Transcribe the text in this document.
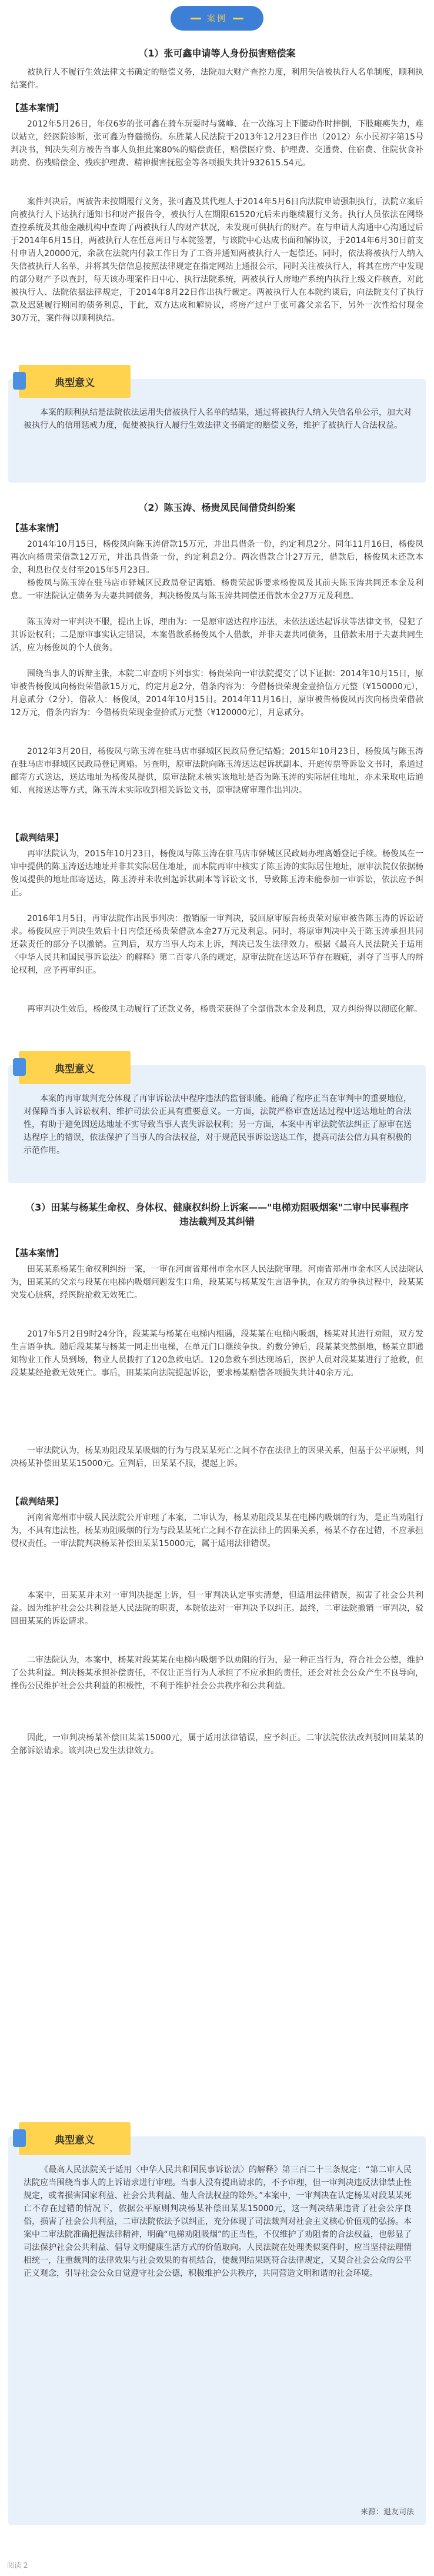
案例
（1）张可鑫申请等人身份损害赔偿案

被执行人不履行生效法律文书确定的赔偿义务，法院加大财产查控力度，利用失信被执行人名单制度，顺利执结案件。

【基本案情】

2012年5月26日，年仅6岁的张可鑫在骑车玩耍时与冀峰、在一次练习上下腰动作时摔倒，下肢瘫痪失力，难以站立，经医院诊断，张可鑫为脊髓损伤。东胜某人民法院于2013年12月23日作出（2012）东小民初字第15号判决书，判决失利方被告当事人负担此案80%的赔偿责任，赔偿医疗费、护理费、交通费、住宿费、住院伙食补助费、伤残赔偿金、残疾护理费、精神损害抚慰金等各项损失共计932615.54元。

案件判决后，两被告未按期履行义务，张可鑫及其代理人于2014年5月6日向法院申请强制执行，法院立案后向被执行人下达执行通知书和财产报告令，被执行人在期限61520元后未再继续履行义务。执行人员依法在网络查控系统及其他金融机构中查询了两被执行人的财产状况，未发现可供执行的财产。在与申请人沟通中心沟通过后于2014年6月15日，两被执行人在任意两日与本院签署，与该院中心达成书面和解协议，于2014年6月30日前支付申请人20000元，余款在法院内付款工作日为了工资并通知两被执行人一起偿还。同时，依法将被执行人纳入失信被执行人名单，并将其失信信息按照法律规定在指定网站上通报公示，同时关注被执行人，将其在房产中发现的部分财产予以查封，每天该办理案件日中心、执行法院系统，两被执行人房地产系统内执行上级文件核查，对此被执行人、法院依据法律规定，于2014年8月22日作出执行裁定。两被执行人在本院约谈后，向法院支付了执行款及迟延履行期间的债务利息，于此，双方达成和解协议，将房产过户于张可鑫父亲名下，另外一次性给付现金30万元，案件得以顺利执结。

典型意义

本案的顺利执结是法院依法运用失信被执行人名单的结果，通过将被执行人纳入失信名单公示，加大对被执行人的信用惩戒力度，促使被执行人履行生效法律文书确定的赔偿义务，维护了被执行人合法权益。

（2）陈玉涛、杨贵凤民间借贷纠纷案
【基本案情】

2014年10月15日，杨俊凤向陈玉涛借款15万元，并出具借条一份，约定利息2分。同年11月16日，杨俊凤再次向杨贵荣借款12万元，并出具借条一份，约定利息2分。两次借款合计27万元，借款后，杨俊凤未还款本金，利息也仅支付至2015年5月23日。

杨俊凤与陈玉涛在驻马店市驿城区民政局登记离婚。杨贵荣起诉要求杨俊凤及其前夫陈玉涛共同还本金及利息。一审法院认定债务为夫妻共同债务，判决杨俊凤与陈玉涛共同偿还借款本金27万元及利息。

陈玉涛对一审判决不服，提出上诉，理由为：一是原审送达程序违法，未依法送达起诉状等法律文书，侵犯了其诉讼权利；二是原审事实认定错误，本案借款系杨俊凤个人借款，并非夫妻共同债务，且借款未用于夫妻共同生活，应为杨俊凤的个人债务。

围绕当事人的诉辩主张，本院二审查明下列事实：杨贵荣向一审法院提交了以下证据：2014年10月15日，原审被告杨俊凤向杨贵荣借款15万元，约定月息2分，借条内容为：今借杨贵荣现金壹拾伍万元整（¥150000元），月息贰分（2分），借款人：杨俊凤，2014年10月15日。2014年11月16日，原审被告杨俊凤再次向杨贵荣借款12万元，借条内容为：今借杨贵荣现金壹拾贰万元整（¥120000元），月息贰分。

2012年3月20日，杨俊凤与陈玉涛在驻马店市驿城区民政局登记结婚；2015年10月23日，杨俊凤与陈玉涛在驻马店市驿城区民政局登记离婚。另查明，原审法院向陈玉涛送达起诉状副本、开庭传票等诉讼文书时，系通过邮寄方式送达，送达地址为杨俊凤提供，原审法院未核实该地址是否为陈玉涛的实际居住地址，亦未采取电话通知、直接送达等方式，陈玉涛未实际收到相关诉讼文书，原审缺席审理作出判决。

【裁判结果】

再审法院认为，2015年10月23日，杨俊凤与陈玉涛在驻马店市驿城区民政局办理离婚登记手续。杨俊凤在一审中提供的陈玉涛送达地址并非其实际居住地址，而本院再审中核实了陈玉涛的实际居住地址，原审法院仅依据杨俊凤提供的地址邮寄送达，陈玉涛并未收到起诉状副本等诉讼文书，导致陈玉涛未能参加一审诉讼，依法应予纠正。

2016年1月5日，再审法院作出民事判决：撤销原一审判决，驳回原审原告杨贵荣对原审被告陈玉涛的诉讼请求。杨俊凤应于判决生效后十日内偿还杨贵荣借款本金27万元及利息。同时，将原审判决中关于陈玉涛承担共同还款责任的部分予以撤销。宣判后，双方当事人均未上诉，判决已发生法律效力。根据《最高人民法院关于适用〈中华人民共和国民事诉讼法〉的解释》第二百零八条的规定，原审法院在送达环节存在瑕疵，剥夺了当事人的辩论权利，应予再审纠正。

再审判决生效后，杨俊凤主动履行了还款义务，杨贵荣获得了全部借款本金及利息，双方纠纷得以彻底化解。

典型意义

本案的再审裁判充分体现了再审诉讼法中程序违法的监督职能。能确了程序正当在审判中的重要地位，对保障当事人诉讼权利、维护司法公正具有重要意义。一方面，法院严格审查送达过程中送达地址的合法性，有助于避免因送达地址不实导致当事人丧失诉讼权利；另一方面，本案中再审法院依法纠正了原审在送达程序上的错误，依法保护了当事人的合法权益，对于规范民事诉讼送达工作，提高司法公信力具有积极的示范作用。

（3）田某与杨某生命权、身体权、健康权纠纷上诉案——"电梯劝阻吸烟案"二审中民事程序违法裁判及其纠错
【基本案情】

田某某系杨某生命权利纠纷一案，一审在河南省郑州市金水区人民法院审理。河南省郑州市金水区人民法院认为，田某某的父亲与段某在电梯内吸烟问题发生口角，段某某与杨某发生言语争执，在双方的争执过程中，段某某突发心脏病，经医院抢救无效死亡。

2017年5月2日9时24分许，段某某与杨某在电梯内相遇，段某某在电梯内吸烟，杨某对其进行劝阻，双方发生言语争执。随后段某某与杨某一同走出电梯，在单元门口继续争执。约数分钟后，段某某突然倒地，杨某立即通知物业工作人员到场，物业人员拨打了120急救电话。120急救车到达现场后，医护人员对段某某进行了抢救，但段某某经抢救无效死亡。事后，田某某向法院提起诉讼，要求杨某赔偿各项损失共计40余万元。

一审法院认为，杨某劝阻段某某吸烟的行为与段某某死亡之间不存在法律上的因果关系，但基于公平原则，判决杨某补偿田某某15000元。宣判后，田某某不服，提起上诉。

【裁判结果】

河南省郑州市中级人民法院公开审理了本案，二审认为，杨某劝阻段某某在电梯内吸烟的行为，是正当劝阻行为，不具有违法性，杨某劝阻吸烟的行为与段某某死亡之间不存在法律上的因果关系，杨某不存在过错，不应承担侵权责任。一审法院判决杨某补偿田某某15000元，属于适用法律错误。

本案中，田某某并未对一审判决提起上诉，但一审判决认定事实清楚，但适用法律错误，损害了社会公共利益。因为维护社会公共利益是人民法院的职责，本院依法对一审判决予以纠正。最终，二审法院撤销一审判决，驳回田某某的诉讼请求。

二审法院认为，本案中，杨某对段某某在电梯内吸烟予以劝阻的行为，是一种正当行为，符合社会公德，维护了公共利益。判决杨某承担补偿责任，不仅让正当行为人承担了不应承担的责任，还会对社会公众产生不良导向，挫伤公民维护社会公共利益的积极性，不利于维护社会公共秩序和公共利益。

因此，一审判决杨某补偿田某某15000元，属于适用法律错误，应予纠正。二审法院依法改判驳回田某某的全部诉讼请求。该判决已发生法律效力。

典型意义

《最高人民法院关于适用〈中华人民共和国民事诉讼法〉的解释》第三百二十三条规定：“第二审人民法院应当围绕当事人的上诉请求进行审理。当事人没有提出请求的，不予审理，但一审判决违反法律禁止性规定，或者损害国家利益、社会公共利益、他人合法权益的除外。”本案中，一审判决在认定杨某对段某某死亡不存在过错的情况下，依据公平原则判决杨某补偿田某某15000元，这一判决结果违背了社会公序良俗，损害了社会公共利益，二审法院依法予以纠正，充分体现了司法裁判对社会主义核心价值观的弘扬。本案中二审法院准确把握法律精神，明确“电梯劝阻吸烟”的正当性，不仅维护了劝阻者的合法权益，也彰显了司法保护社会公共利益、倡导文明健康生活方式的价值取向。人民法院在处理类似案件时，应当坚持法理情相统一，注重裁判的法律效果与社会效果的有机结合，使裁判结果既符合法律规定，又契合社会公众的公平正义观念，引导社会公众自觉遵守社会公德，积极维护公共秩序，共同营造文明和谐的社会环境。

来源：退友司法
阅读 2
